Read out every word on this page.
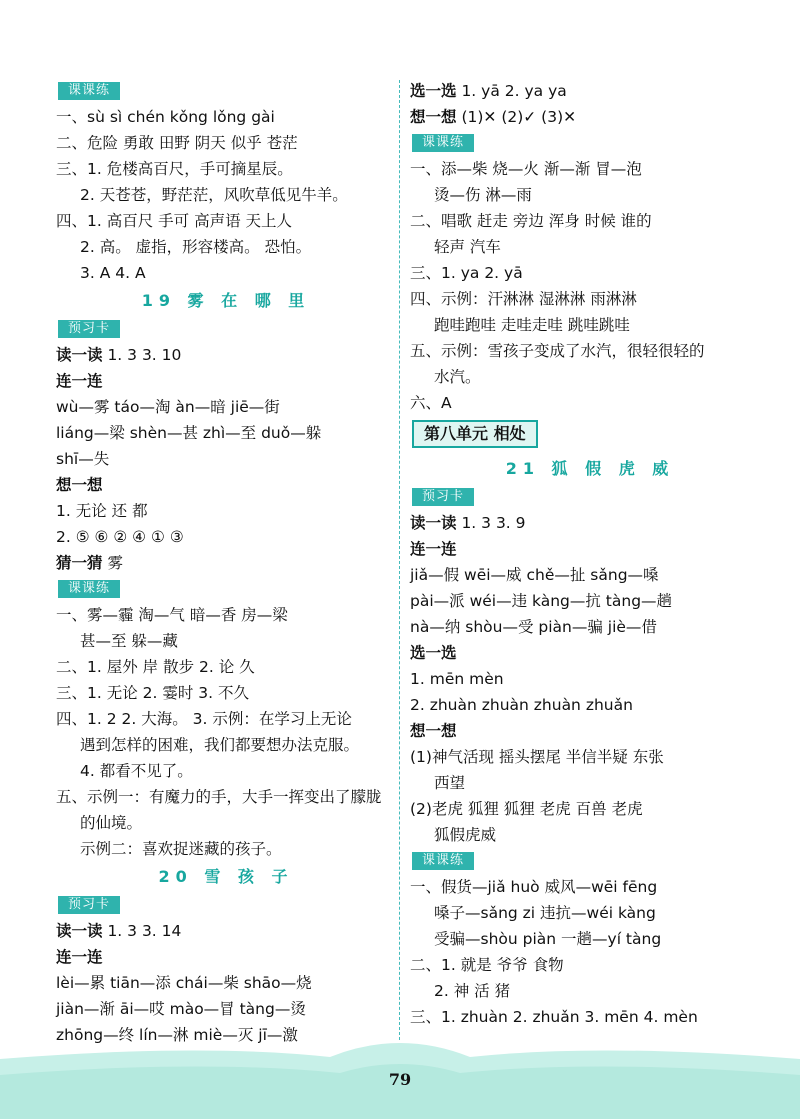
课课练
一、sù sì chén kǒng lǒng gài
二、危险 勇敢 田野 阴天 似乎 苍茫
三、1. 危楼高百尺，手可摘星辰。
2. 天苍苍，野茫茫，风吹草低见牛羊。
四、1. 高百尺 手可 高声语 天上人
2. 高。 虚指，形容楼高。 恐怕。
3. A 4. A
19 雾 在 哪 里
预习卡
读一读 1. 3 3. 10
连一连
wù—雾 táo—淘 àn—暗 jiē—街
liáng—梁 shèn—甚 zhì—至 duǒ—躲
shī—失
想一想
1. 无论 还 都
2. ⑤ ⑥ ② ④ ① ③
猜一猜 雾
课课练
一、雾—霾 淘—气 暗—香 房—梁
甚—至 躲—藏
二、1. 屋外 岸 散步 2. 论 久
三、1. 无论 2. 霎时 3. 不久
四、1. 2 2. 大海。 3. 示例：在学习上无论
遇到怎样的困难，我们都要想办法克服。
4. 都看不见了。
五、示例一：有魔力的手，大手一挥变出了朦胧
的仙境。
示例二：喜欢捉迷藏的孩子。
20 雪 孩 子
预习卡
读一读 1. 3 3. 14
连一连
lèi—累 tiān—添 chái—柴 shāo—烧
jiàn—渐 āi—哎 mào—冒 tàng—烫
zhōng—终 lín—淋 miè—灭 jī—激
选一选 1. yā 2. ya ya
想一想 (1)✕ (2)✓ (3)✕
课课练
一、添—柴 烧—火 渐—渐 冒—泡
烫—伤 淋—雨
二、唱歌 赶走 旁边 浑身 时候 谁的
轻声 汽车
三、1. ya 2. yā
四、示例：汗淋淋 湿淋淋 雨淋淋
跑哇跑哇 走哇走哇 跳哇跳哇
五、示例：雪孩子变成了水汽，很轻很轻的
水汽。
六、A
第八单元 相处
21 狐 假 虎 威
预习卡
读一读 1. 3 3. 9
连一连
jiǎ—假 wēi—威 chě—扯 sǎng—嗓
pài—派 wéi—违 kàng—抗 tàng—趟
nà—纳 shòu—受 piàn—骗 jiè—借
选一选
1. mēn mèn
2. zhuàn zhuàn zhuàn zhuǎn
想一想
(1)神气活现 摇头摆尾 半信半疑 东张
西望
(2)老虎 狐狸 狐狸 老虎 百兽 老虎
狐假虎威
课课练
一、假货—jiǎ huò 威风—wēi fēng
嗓子—sǎng zi 违抗—wéi kàng
受骗—shòu piàn 一趟—yí tàng
二、1. 就是 爷爷 食物
2. 神 活 猪
三、1. zhuàn 2. zhuǎn 3. mēn 4. mèn
79
